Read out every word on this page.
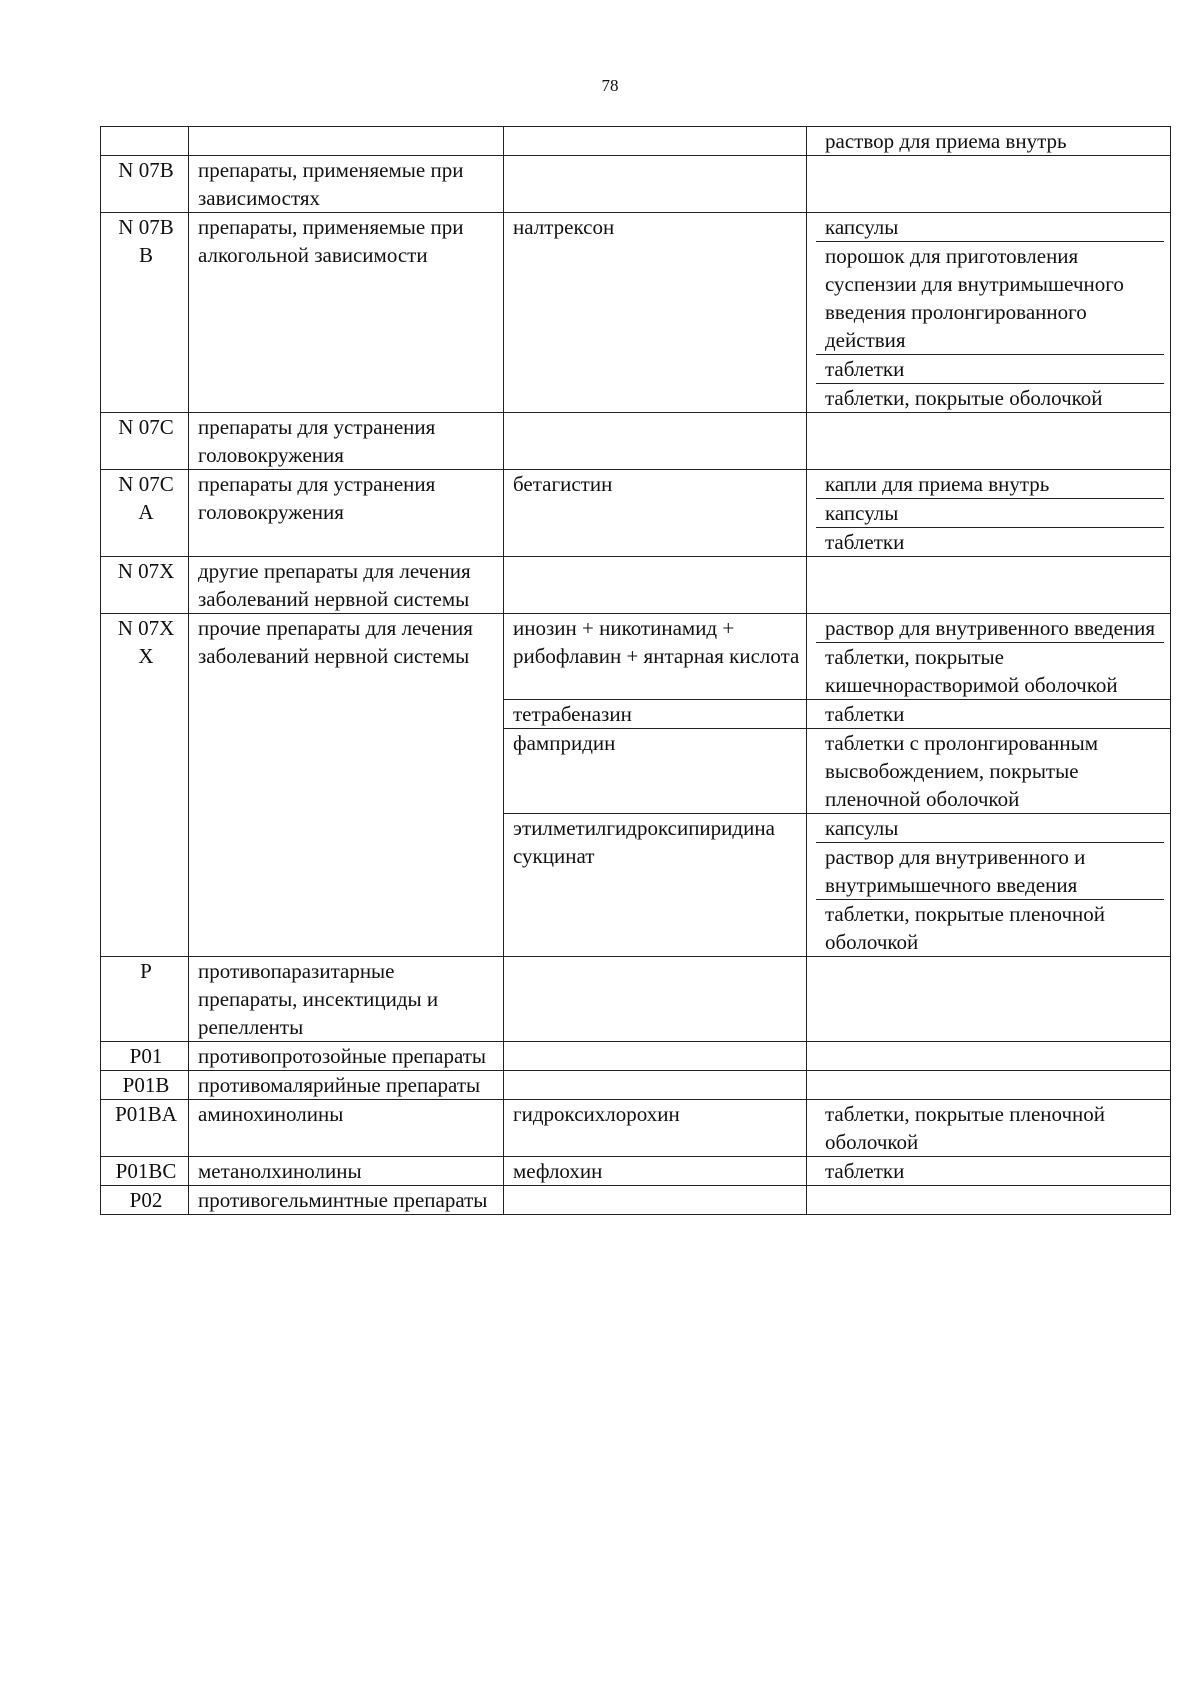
78

			раствор для приема внутрь

N 07B	препараты, применяемые при зависимостях		
N 07B B	препараты, применяемые при алкогольной зависимости	налтрексон	капсулы
порошок для приготовления суспензии для внутримышечного введения пролонгированного действия
таблетки
таблетки, покрытые оболочкой

N 07C	препараты для устранения головокружения		
N 07C A	препараты для устранения головокружения	бетагистин	капли для приема внутрь
капсулы
таблетки

N 07X	другие препараты для лечения заболеваний нервной системы		
N 07X X	прочие препараты для лечения заболеваний нервной системы	инозин + никотинамид + рибофлавин + янтарная кислота	раствор для внутривенного введения
таблетки, покрытые кишечнорастворимой оболочкой

		тетрабеназин	таблетки

		фампридин	таблетки с пролонгированным высвобождением, покрытые пленочной оболочкой

		этилметилгидроксипиридина сукцинат	капсулы
раствор для внутривенного и внутримышечного введения
таблетки, покрытые пленочной оболочкой

P	противопаразитарные препараты, инсектициды и репелленты		
P01	противопротозойные препараты		
P01B	противомалярийные препараты		
P01BA	аминохинолины	гидроксихлорохин	таблетки, покрытые пленочной оболочкой

P01BC	метанолхинолины	мефлохин	таблетки

P02	противогельминтные препараты		
